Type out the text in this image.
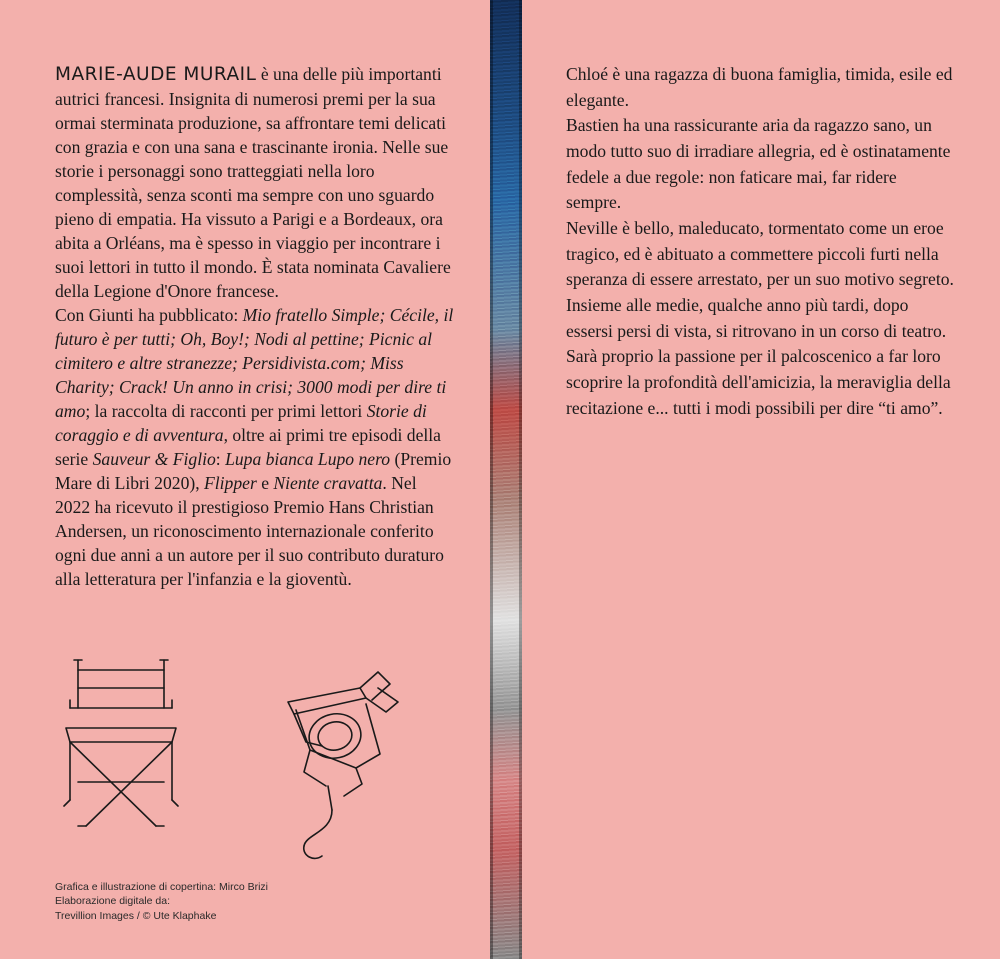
MARIE-AUDE MURAIL è una delle più importanti autrici francesi. Insignita di numerosi premi per la sua ormai sterminata produzione, sa affrontare temi delicati con grazia e con una sana e trascinante ironia. Nelle sue storie i personaggi sono tratteggiati nella loro complessità, senza sconti ma sempre con uno sguardo pieno di empatia. Ha vissuto a Parigi e a Bordeaux, ora abita a Orléans, ma è spesso in viaggio per incontrare i suoi lettori in tutto il mondo. È stata nominata Cavaliere della Legione d'Onore francese.

Con Giunti ha pubblicato: Mio fratello Simple; Cécile, il futuro è per tutti; Oh, Boy!; Nodi al pettine; Picnic al cimitero e altre stranezze; Persidivista.com; Miss Charity; Crack! Un anno in crisi; 3000 modi per dire ti amo; la raccolta di racconti per primi lettori Storie di coraggio e di avventura, oltre ai primi tre episodi della serie Sauveur & Figlio: Lupa bianca Lupo nero (Premio Mare di Libri 2020), Flipper e Niente cravatta. Nel 2022 ha ricevuto il prestigioso Premio Hans Christian Andersen, un riconoscimento internazionale conferito ogni due anni a un autore per il suo contributo duraturo alla letteratura per l'infanzia e la gioventù.

Grafica e illustrazione di copertina: Mirco Brizi
Elaborazione digitale da:
Trevillion Images / © Ute Klaphake

Chloé è una ragazza di buona famiglia, timida, esile ed elegante.

Bastien ha una rassicurante aria da ragazzo sano, un modo tutto suo di irradiare allegria, ed è ostinatamente fedele a due regole: non faticare mai, far ridere sempre.

Neville è bello, maleducato, tormentato come un eroe tragico, ed è abituato a commettere piccoli furti nella speranza di essere arrestato, per un suo motivo segreto.

Insieme alle medie, qualche anno più tardi, dopo essersi persi di vista, si ritrovano in un corso di teatro.

Sarà proprio la passione per il palcoscenico a far loro scoprire la profondità dell'amicizia, la meraviglia della recitazione e... tutti i modi possibili per dire “ti amo”.
